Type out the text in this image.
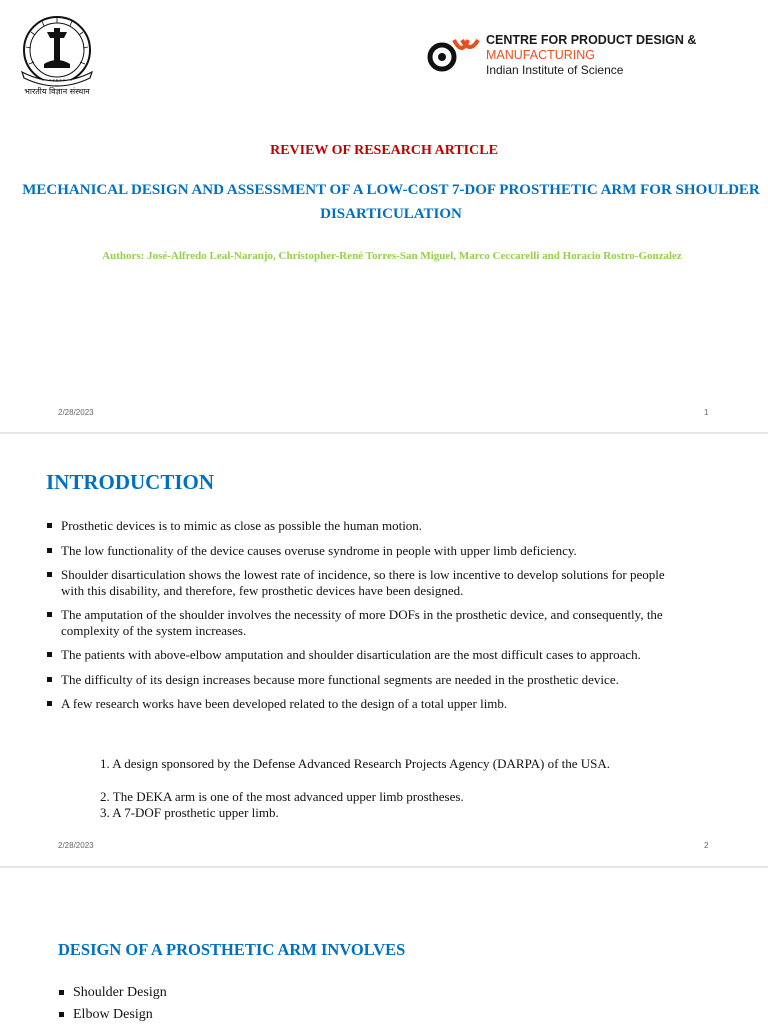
भारतीय विज्ञान संस्थान
CENTRE FOR PRODUCT DESIGN &
MANUFACTURING
Indian Institute of Science
REVIEW OF RESEARCH ARTICLE
MECHANICAL DESIGN AND ASSESSMENT OF A LOW-COST 7-DOF PROSTHETIC ARM FOR SHOULDER DISARTICULATION
Authors: José-Alfredo Leal-Naranjo, Christopher-René Torres-San Miguel, Marco Ceccarelli and Horacio Rostro-Gonzalez
2/28/2023	1
INTRODUCTION
Prosthetic devices is to mimic as close as possible the human motion.
The low functionality of the device causes overuse syndrome in people with upper limb deficiency.
Shoulder disarticulation shows the lowest rate of incidence, so there is low incentive to develop solutions for people with this disability, and therefore, few prosthetic devices have been designed.
The amputation of the shoulder involves the necessity of more DOFs in the prosthetic device, and consequently, the complexity of the system increases.
The patients with above-elbow amputation and shoulder disarticulation are the most difficult cases to approach.
The difficulty of its design increases because more functional segments are needed in the prosthetic device.
A few research works have been developed related to the design of a total upper limb.
1. A design sponsored by the Defense Advanced Research Projects Agency (DARPA) of the USA.
2. The DEKA arm is one of the most advanced upper limb prostheses.
3. A 7-DOF prosthetic upper limb.
2/28/2023	2
DESIGN OF A PROSTHETIC ARM INVOLVES
Shoulder Design
Elbow Design
